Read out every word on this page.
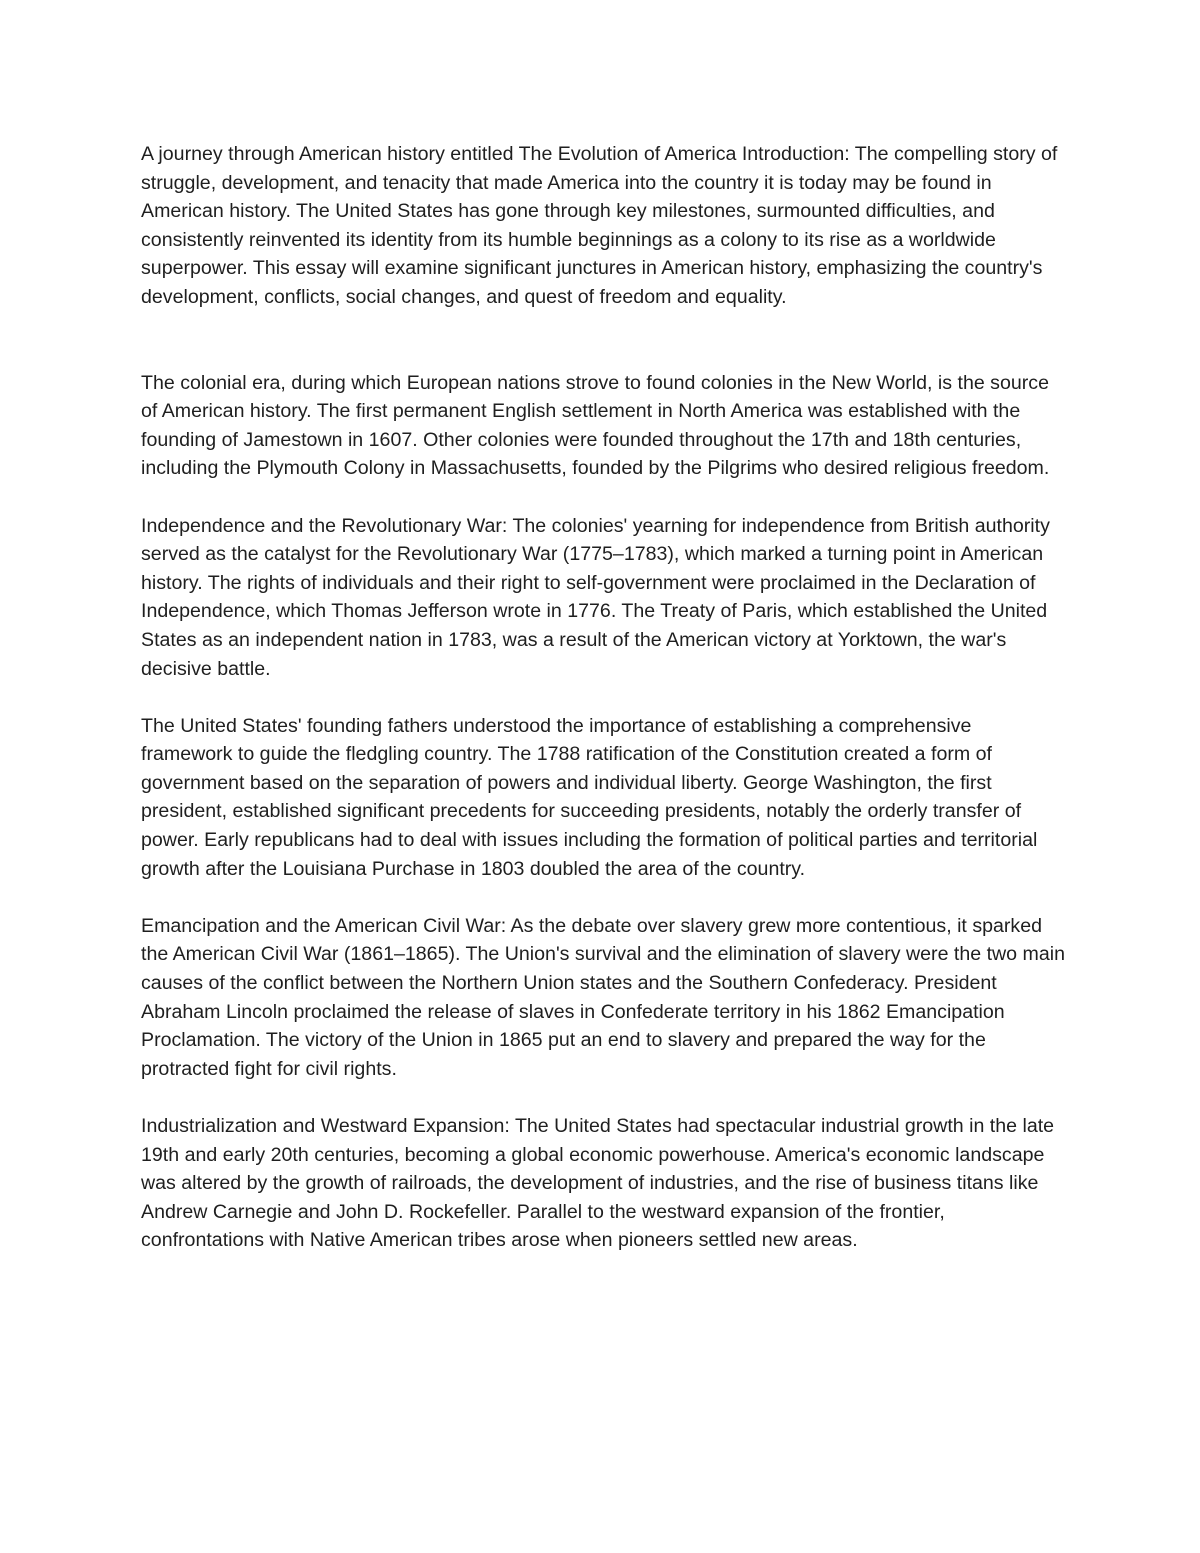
A journey through American history entitled The Evolution of America Introduction: The compelling story of struggle, development, and tenacity that made America into the country it is today may be found in American history. The United States has gone through key milestones, surmounted difficulties, and consistently reinvented its identity from its humble beginnings as a colony to its rise as a worldwide superpower. This essay will examine significant junctures in American history, emphasizing the country's development, conflicts, social changes, and quest of freedom and equality.

The colonial era, during which European nations strove to found colonies in the New World, is the source of American history. The first permanent English settlement in North America was established with the founding of Jamestown in 1607. Other colonies were founded throughout the 17th and 18th centuries, including the Plymouth Colony in Massachusetts, founded by the Pilgrims who desired religious freedom.

Independence and the Revolutionary War: The colonies' yearning for independence from British authority served as the catalyst for the Revolutionary War (1775–1783), which marked a turning point in American history. The rights of individuals and their right to self-government were proclaimed in the Declaration of Independence, which Thomas Jefferson wrote in 1776. The Treaty of Paris, which established the United States as an independent nation in 1783, was a result of the American victory at Yorktown, the war's decisive battle.

The United States' founding fathers understood the importance of establishing a comprehensive framework to guide the fledgling country. The 1788 ratification of the Constitution created a form of government based on the separation of powers and individual liberty. George Washington, the first president, established significant precedents for succeeding presidents, notably the orderly transfer of power. Early republicans had to deal with issues including the formation of political parties and territorial growth after the Louisiana Purchase in 1803 doubled the area of the country.

Emancipation and the American Civil War: As the debate over slavery grew more contentious, it sparked the American Civil War (1861–1865). The Union's survival and the elimination of slavery were the two main causes of the conflict between the Northern Union states and the Southern Confederacy. President Abraham Lincoln proclaimed the release of slaves in Confederate territory in his 1862 Emancipation Proclamation. The victory of the Union in 1865 put an end to slavery and prepared the way for the protracted fight for civil rights.

Industrialization and Westward Expansion: The United States had spectacular industrial growth in the late 19th and early 20th centuries, becoming a global economic powerhouse. America's economic landscape was altered by the growth of railroads, the development of industries, and the rise of business titans like Andrew Carnegie and John D. Rockefeller. Parallel to the westward expansion of the frontier, confrontations with Native American tribes arose when pioneers settled new areas.
